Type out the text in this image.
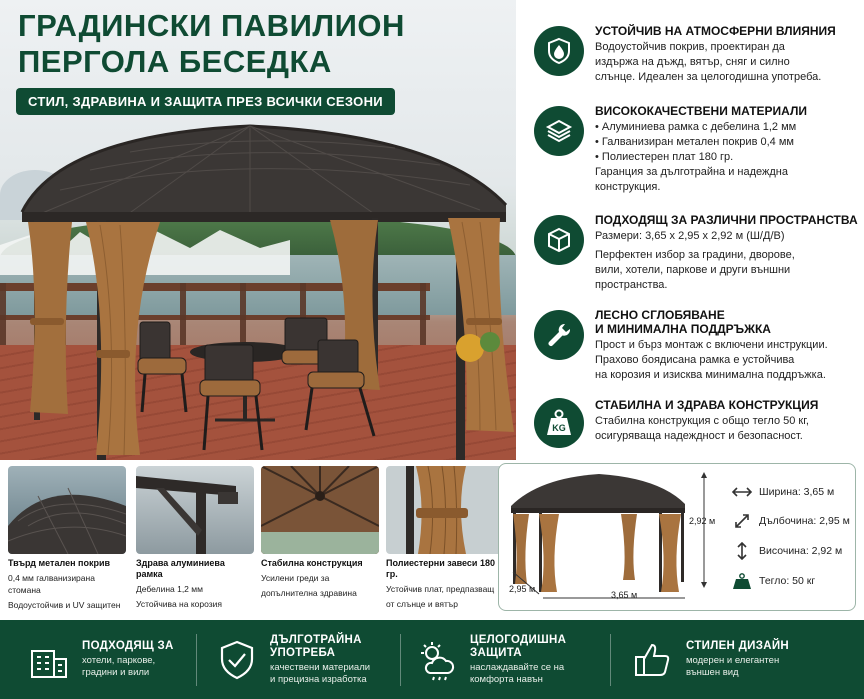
ГРАДИНСКИ ПАВИЛИОН
ПЕРГОЛА БЕСЕДКА
СТИЛ, ЗДРАВИНА И ЗАЩИТА ПРЕЗ ВСИЧКИ СЕЗОНИ
УСТОЙЧИВ НА АТМОСФЕРНИ ВЛИЯНИЯ

Водоустойчив покрив, проектиран да

издържа на дъжд, вятър, сняг и силно

слънце. Идеален за целогодишна употреба.

ВИСОКОКАЧЕСТВЕНИ МАТЕРИАЛИ
• Алуминиева рамка с дебелина 1,2 мм
• Галванизиран метален покрив 0,4 мм
• Полиестерен плат 180 гр.

Гаранция за дълготрайна и надеждна

конструкция.

ПОДХОДЯЩ ЗА РАЗЛИЧНИ ПРОСТРАНСТВА

Размери: 3,65 х 2,95 х 2,92 м (Ш/Д/В)

Перфектен избор за градини, дворове,

вили, хотели, паркове и други външни

пространства.

ЛЕСНО СГЛОБЯВАНЕ
И МИНИМАЛНА ПОДДРЪЖКА

Прост и бърз монтаж с включени инструкции.

Прахово боядисана рамка е устойчива

на корозия и изисква минимална поддръжка.

KG
СТАБИЛНА И ЗДРАВА КОНСТРУКЦИЯ

Стабилна конструкция с общо тегло 50 кг,

осигуряваща надеждност и безопасност.

Твърд метален покрив
0,4 мм галванизирана стомана
Водоустойчив и UV защитен
Здрава алуминиева рамка
Дебелина 1,2 мм
Устойчива на корозия
Стабилна конструкция
Усилени греди за
допълнителна здравина
Полиестерни завеси 180 гр.
Устойчив плат, предпазващ
от слънце и вятър
2,92 м
2,95 м
3,65 м
Ширина: 3,65 м
Дълбочина: 2,95 м
Височина: 2,92 м
Тегло: 50 кг
ПОДХОДЯЩ ЗА
хотели, паркове,
градини и вили
ДЪЛГОТРАЙНА
УПОТРЕБА
качествени материали
и прецизна изработка
ЦЕЛОГОДИШНА
ЗАЩИТА
наслаждавайте се на
комфорта навън
СТИЛЕН ДИЗАЙН
модерен и елегантен
външен вид
